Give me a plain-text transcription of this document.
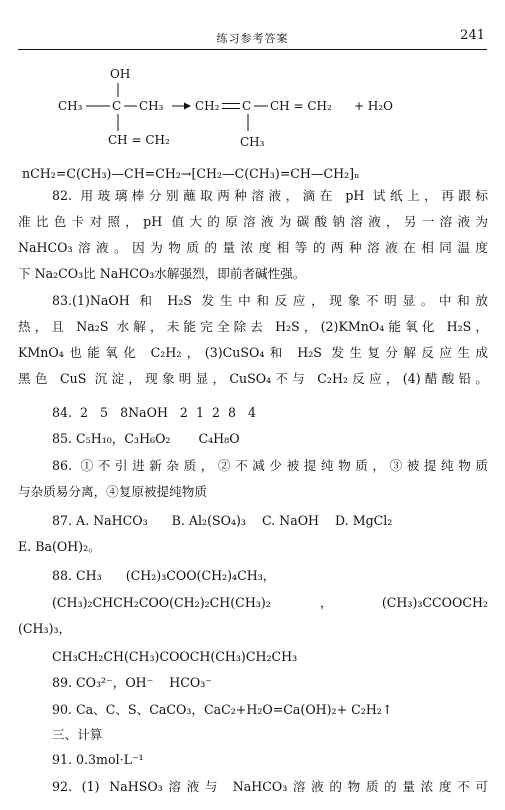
练习参考答案	241
OH
CH₃ C CH₃
CH = CH₂
CH₂ C CH = CH₂ + H₂O
CH₃
nCH₂=C(CH₃)—CH=CH₂→[CH₂—C(CH₃)=CH—CH₂]ₙ
82. 用玻璃棒分别蘸取两种溶液，滴在 pH 试纸上，再跟标
准比色卡对照，pH 值大的原溶液为碳酸钠溶液，另一溶液为
NaHCO₃溶液。因为物质的量浓度相等的两种溶液在相同温度
下 Na₂CO₃比 NaHCO₃水解强烈，即前者碱性强。
83.(1)NaOH 和 H₂S 发生中和反应，现象不明显。中和放
热，且 Na₂S 水解，未能完全除去 H₂S，(2)KMnO₄能氧化 H₂S，
KMnO₄也能氧化 C₂H₂，(3)CuSO₄和 H₂S 发生复分解反应生成
黑色 CuS 沉淀，现象明显，CuSO₄不与 C₂H₂反应，(4)醋酸铅。
84.  2   5   8NaOH   2  1  2  8   4
85. C₅H₁₀，C₃H₆O₂       C₄H₈O
86. ①不引进新杂质，②不减少被提纯物质，③被提纯物质
与杂质易分离，④复原被提纯物质
87. A. NaHCO₃      B. Al₂(SO₄)₃    C. NaOH    D. MgCl₂
E. Ba(OH)₂。
88. CH₃      (CH₂)₃COO(CH₂)₄CH₃，
(CH₃)₂CHCH₂COO(CH₂)₂CH(CH₃)₂，(CH₃)₃CCOOCH₂
(CH₃)₃，
CH₃CH₂CH(CH₃)COOCH(CH₃)CH₂CH₃
89. CO₃²⁻，OH⁻    HCO₃⁻
90. Ca、C、S、CaCO₃，CaC₂+H₂O=Ca(OH)₂+ C₂H₂↑
三、计算
91. 0.3mol·L⁻¹
92. (1) NaHSO₃溶液与 NaHCO₃溶液的物质的量浓度不可
